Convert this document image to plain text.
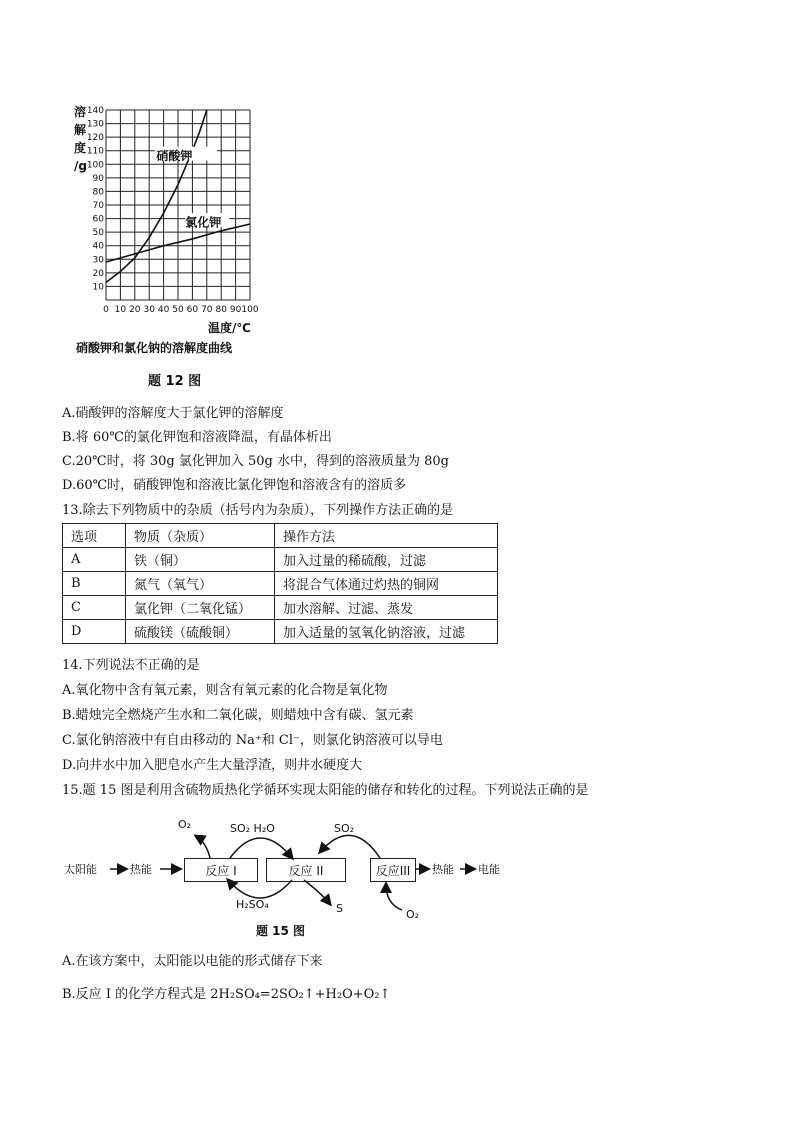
10
20
30
40
50
60
70
80
90
100
110
120
130
140
0 10 20 30 40 50 60 70 80 90 100
溶
解
度
/g
温度/℃
硝酸钾和氯化钠的溶解度曲线
硝酸钾
氯化钾
题 12 图
A.硝酸钾的溶解度大于氯化钾的溶解度
B.将 60℃的氯化钾饱和溶液降温，有晶体析出
C.20℃时，将 30g 氯化钾加入 50g 水中，得到的溶液质量为 80g
D.60℃时，硝酸钾饱和溶液比氯化钾饱和溶液含有的溶质多
13.除去下列物质中的杂质（括号内为杂质），下列操作方法正确的是
选项	物质（杂质）	操作方法
A	铁（铜）	加入过量的稀硫酸，过滤
B	氮气（氧气）	将混合气体通过灼热的铜网
C	氯化钾（二氧化锰）	加水溶解、过滤、蒸发
D	硫酸镁（硫酸铜）	加入适量的氢氧化钠溶液，过滤
14.下列说法不正确的是
A.氧化物中含有氧元素，则含有氧元素的化合物是氧化物
B.蜡烛完全燃烧产生水和二氧化碳，则蜡烛中含有碳、氢元素
C.氯化钠溶液中有自由移动的 Na⁺和 Cl⁻，则氯化钠溶液可以导电
D.向井水中加入肥皂水产生大量浮渣，则井水硬度大
15.题 15 图是利用含硫物质热化学循环实现太阳能的储存和转化的过程。下列说法正确的是
太阳能	热能	反应 I	反应 II	反应III	热能 电能
O₂	SO₂ H₂O	SO₂
H₂SO₄	S	O₂
题 15 图
A.在该方案中，太阳能以电能的形式储存下来
B.反应 I 的化学方程式是 2H₂SO₄=2SO₂↑+H₂O+O₂↑
